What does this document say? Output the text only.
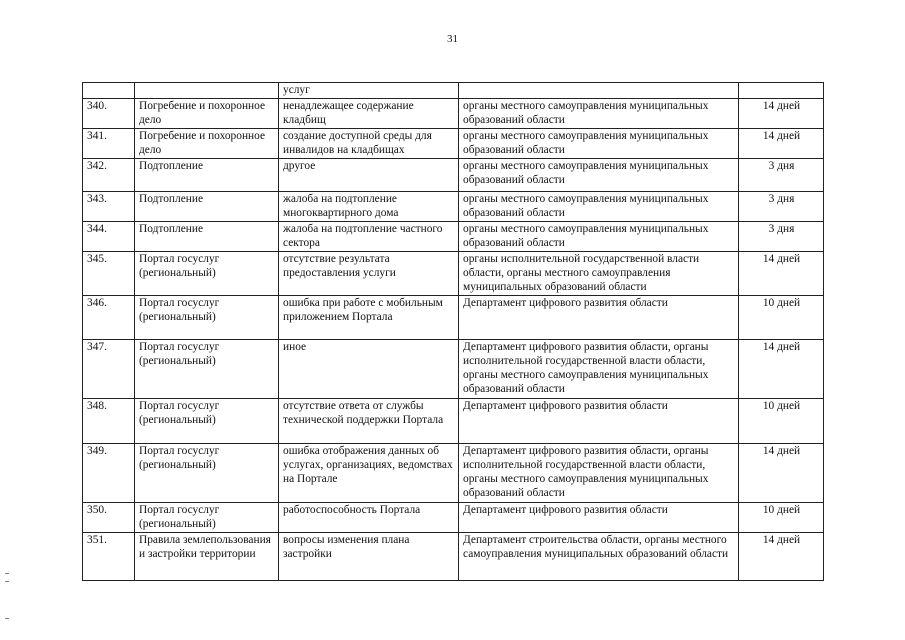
31
		услуг		
340.	Погребение и похоронное дело	ненадлежащее содержание кладбищ	органы местного самоуправления муниципальных образований области	14 дней
341.	Погребение и похоронное дело	создание доступной среды для инвалидов на кладбищах	органы местного самоуправления муниципальных образований области	14 дней
342.	Подтопление	другое	органы местного самоуправления муниципальных образований области	3 дня
343.	Подтопление	жалоба на подтопление многоквартирного дома	органы местного самоуправления муниципальных образований области	3 дня
344.	Подтопление	жалоба на подтопление частного сектора	органы местного самоуправления муниципальных образований области	3 дня
345.	Портал госуслуг (региональный)	отсутствие результата предоставления услуги	органы исполнительной государственной власти области, органы местного самоуправления муниципальных образований области	14 дней
346.	Портал госуслуг (региональный)	ошибка при работе с мобильным приложением Портала	Департамент цифрового развития области	10 дней
347.	Портал госуслуг (региональный)	иное	Департамент цифрового развития области, органы исполнительной государственной власти области, органы местного самоуправления муниципальных образований области	14 дней
348.	Портал госуслуг (региональный)	отсутствие ответа от службы технической поддержки Портала	Департамент цифрового развития области	10 дней
349.	Портал госуслуг (региональный)	ошибка отображения данных об услугах, организациях, ведомствах на Портале	Департамент цифрового развития области, органы исполнительной государственной власти области, органы местного самоуправления муниципальных образований области	14 дней
350.	Портал госуслуг (региональный)	работоспособность Портала	Департамент цифрового развития области	10 дней
351.	Правила землепользования и застройки территории	вопросы изменения плана застройки	Департамент строительства области, органы местного самоуправления муниципальных образований области	14 дней
